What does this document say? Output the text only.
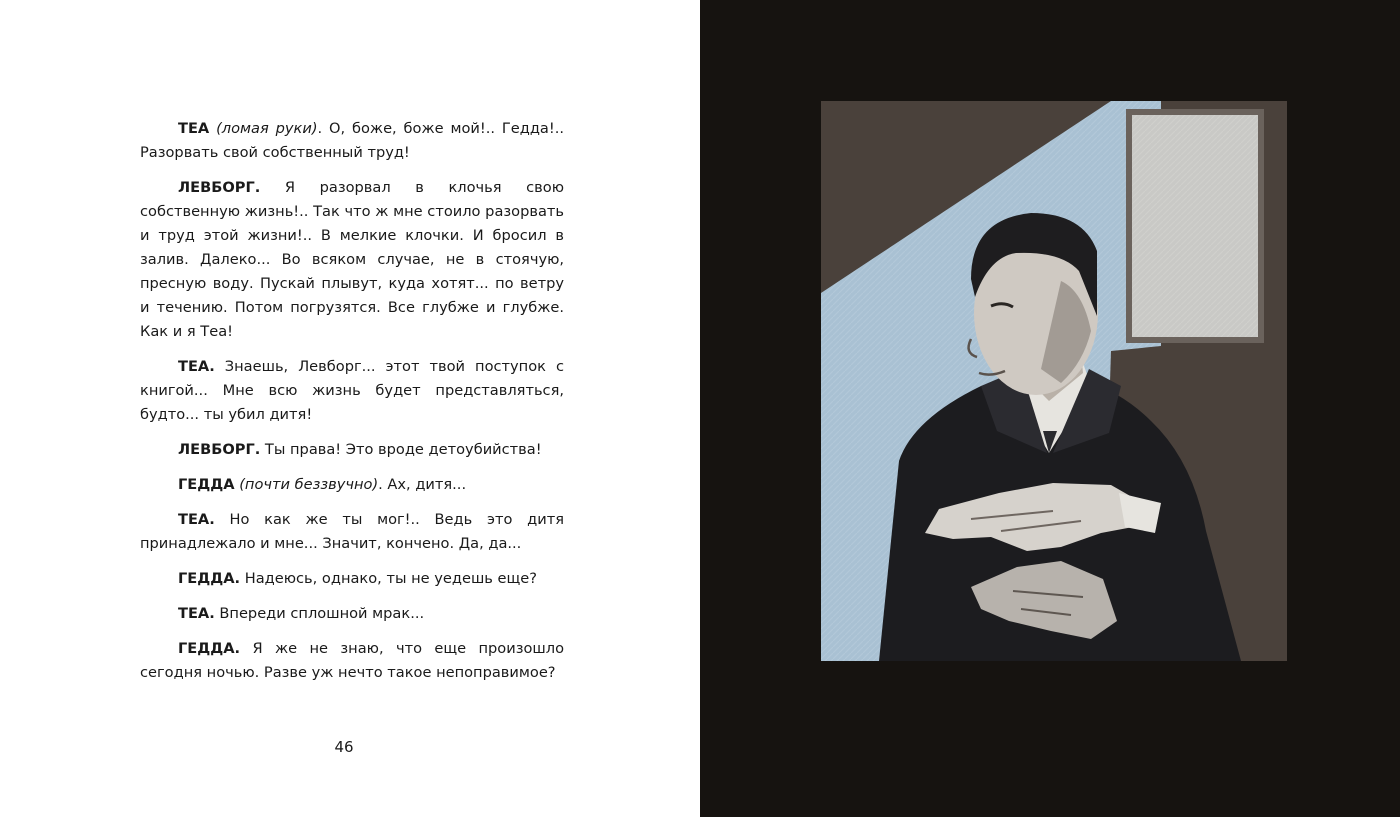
ТЕА (ломая руки). О, боже, боже мой!.. Гедда!.. Разорвать свой собственный труд!

ЛЕВБОРГ. Я разорвал в клочья свою собственную жизнь!.. Так что ж мне стоило разорвать и труд этой жизни!.. В мелкие клочки. И бросил в залив. Далеко... Во всяком случае, не в стоячую, пресную воду. Пускай плывут, куда хотят... по ветру и течению. Потом погрузятся. Все глубже и глубже. Как и я Теа!

ТЕА. Знаешь, Левборг... этот твой поступок с книгой... Мне всю жизнь будет представляться, будто... ты убил дитя!

ЛЕВБОРГ. Ты права! Это вроде детоубийства!

ГЕДДА (почти беззвучно). Ах, дитя...

ТЕА. Но как же ты мог!.. Ведь это дитя принадлежало и мне... Значит, кончено. Да, да...

ГЕДДА. Надеюсь, однако, ты не уедешь еще?

ТЕА. Впереди сплошной мрак...

ГЕДДА. Я же не знаю, что еще произошло сегодня ночью. Разве уж нечто такое непоправимое?

46
